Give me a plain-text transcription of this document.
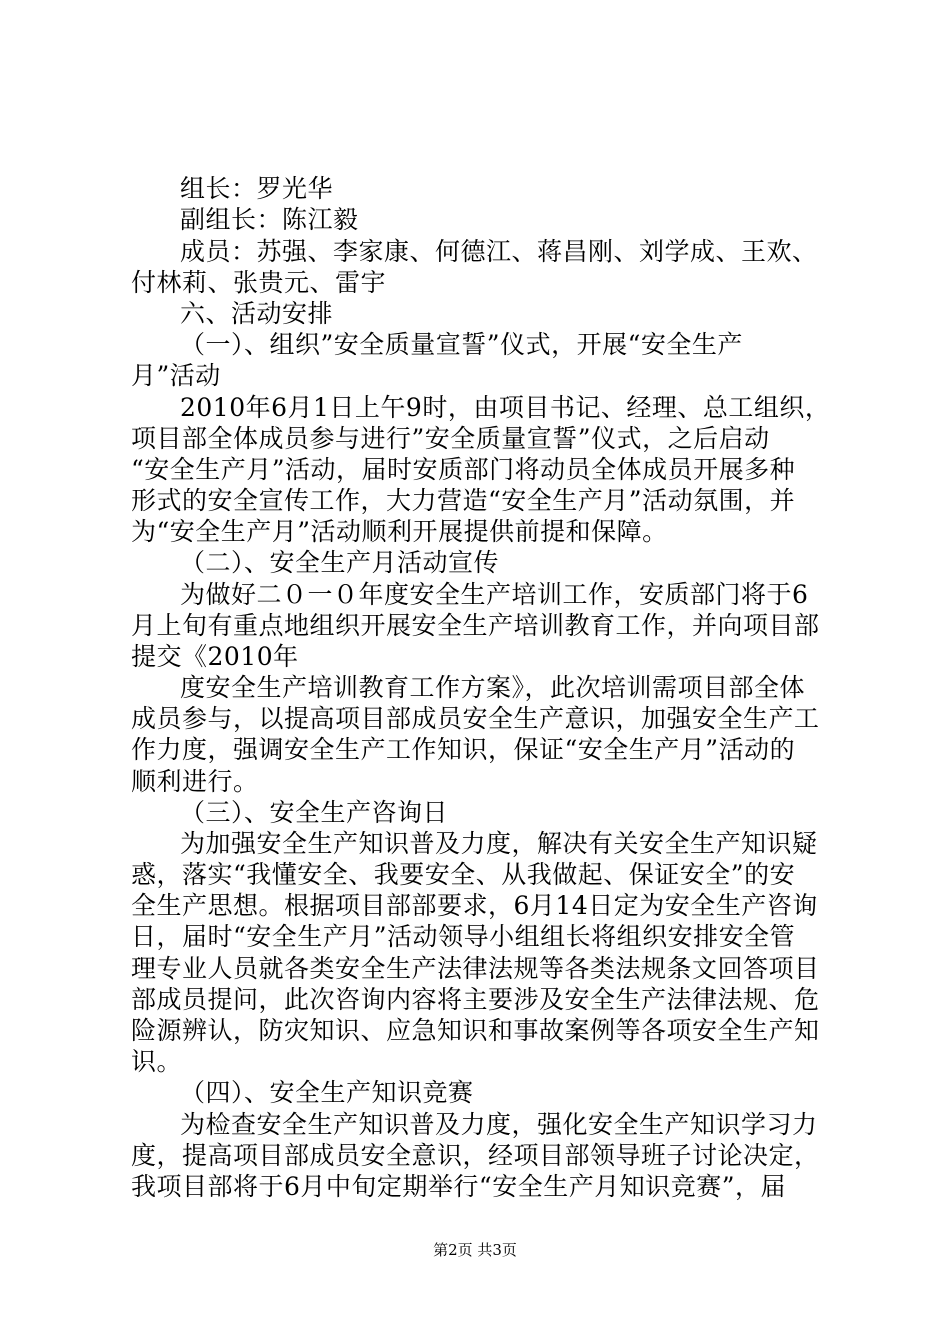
组长：罗光华
副组长：陈江毅
成员：苏强、李家康、何德江、蒋昌刚、刘学成、王欢、
付林莉、张贵元、雷宇
六、活动安排
（一）、组织”安全质量宣誓”仪式，开展“安全生产
月”活动
2010年6月1日上午9时，由项目书记、经理、总工组织，
项目部全体成员参与进行”安全质量宣誓”仪式，之后启动
“安全生产月”活动，届时安质部门将动员全体成员开展多种
形式的安全宣传工作，大力营造“安全生产月”活动氛围，并
为“安全生产月”活动顺利开展提供前提和保障。
（二）、安全生产月活动宣传
为做好二０一０年度安全生产培训工作，安质部门将于6
月上旬有重点地组织开展安全生产培训教育工作，并向项目部
提交《2010年
度安全生产培训教育工作方案》，此次培训需项目部全体
成员参与，以提高项目部成员安全生产意识，加强安全生产工
作力度，强调安全生产工作知识，保证“安全生产月”活动的
顺利进行。
（三）、安全生产咨询日
为加强安全生产知识普及力度，解决有关安全生产知识疑
惑，落实“我懂安全、我要安全、从我做起、保证安全”的安
全生产思想。根据项目部部要求，6月14日定为安全生产咨询
日，届时“安全生产月”活动领导小组组长将组织安排安全管
理专业人员就各类安全生产法律法规等各类法规条文回答项目
部成员提问，此次咨询内容将主要涉及安全生产法律法规、危
险源辨认，防灾知识、应急知识和事故案例等各项安全生产知
识。
（四）、安全生产知识竞赛
为检查安全生产知识普及力度，强化安全生产知识学习力
度，提高项目部成员安全意识，经项目部领导班子讨论决定，
我项目部将于6月中旬定期举行“安全生产月知识竞赛”，届
第2页 共3页
